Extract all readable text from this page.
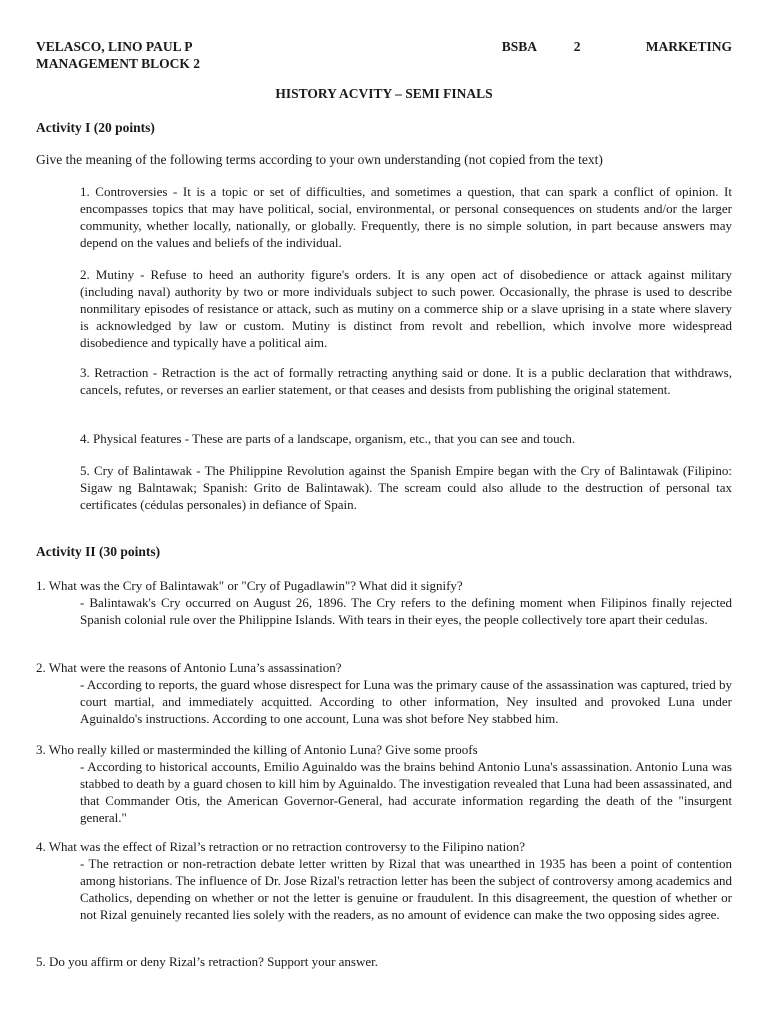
VELASCO, LINO PAUL P	BSBA	2	MARKETING
MANAGEMENT BLOCK 2
HISTORY ACVITY – SEMI FINALS
Activity I (20 points)
Give the meaning of the following terms according to your own understanding (not copied from the text)
1. Controversies - It is a topic or set of difficulties, and sometimes a question, that can spark a conflict of opinion. It encompasses topics that may have political, social, environmental, or personal consequences on students and/or the larger community, whether locally, nationally, or globally. Frequently, there is no simple solution, in part because answers may depend on the values and beliefs of the individual.
2. Mutiny - Refuse to heed an authority figure's orders. It is any open act of disobedience or attack against military (including naval) authority by two or more individuals subject to such power. Occasionally, the phrase is used to describe nonmilitary episodes of resistance or attack, such as mutiny on a commerce ship or a slave uprising in a state where slavery is acknowledged by law or custom. Mutiny is distinct from revolt and rebellion, which involve more widespread disobedience and typically have a political aim.
3. Retraction - Retraction is the act of formally retracting anything said or done. It is a public declaration that withdraws, cancels, refutes, or reverses an earlier statement, or that ceases and desists from publishing the original statement.
4. Physical features - These are parts of a landscape, organism, etc., that you can see and touch.
5. Cry of Balintawak - The Philippine Revolution against the Spanish Empire began with the Cry of Balintawak (Filipino: Sigaw ng Balntawak; Spanish: Grito de Balintawak). The scream could also allude to the destruction of personal tax certificates (cédulas personales) in defiance of Spain.
Activity II (30 points)
1. What was the Cry of Balintawak" or "Cry of Pugadlawin"? What did it signify?
- Balintawak's Cry occurred on August 26, 1896. The Cry refers to the defining moment when Filipinos finally rejected Spanish colonial rule over the Philippine Islands. With tears in their eyes, the people collectively tore apart their cedulas.
2. What were the reasons of Antonio Luna’s assassination?
- According to reports, the guard whose disrespect for Luna was the primary cause of the assassination was captured, tried by court martial, and immediately acquitted. According to other information, Ney insulted and provoked Luna under Aguinaldo's instructions. According to one account, Luna was shot before Ney stabbed him.
3. Who really killed or masterminded the killing of Antonio Luna? Give some proofs
- According to historical accounts, Emilio Aguinaldo was the brains behind Antonio Luna's assassination. Antonio Luna was stabbed to death by a guard chosen to kill him by Aguinaldo. The investigation revealed that Luna had been assassinated, and that Commander Otis, the American Governor-General, had accurate information regarding the death of the "insurgent general."
4. What was the effect of Rizal’s retraction or no retraction controversy to the Filipino nation?
- The retraction or non-retraction debate letter written by Rizal that was unearthed in 1935 has been a point of contention among historians. The influence of Dr. Jose Rizal's retraction letter has been the subject of controversy among academics and Catholics, depending on whether or not the letter is genuine or fraudulent. In this disagreement, the question of whether or not Rizal genuinely recanted lies solely with the readers, as no amount of evidence can make the two opposing sides agree.
5. Do you affirm or deny Rizal’s retraction? Support your answer.
